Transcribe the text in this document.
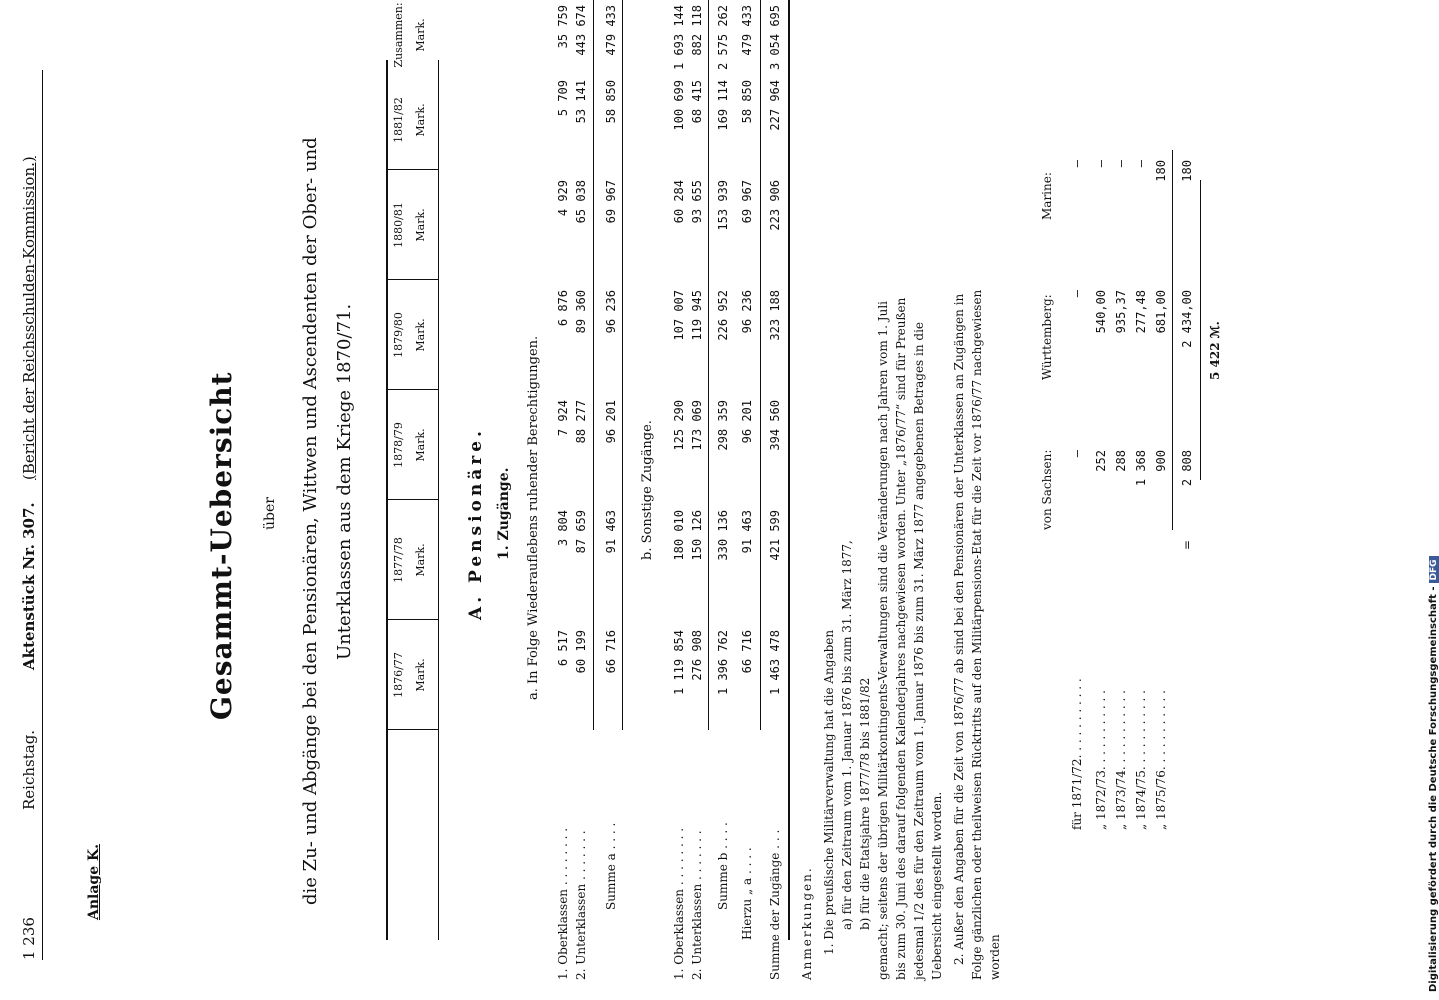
1 236
Reichstag.
Aktenstück Nr. 307.
(Bericht der Reichsschulden-Kommission.)
Anlage K.
Gesammt-Uebersicht über die Zu- und Abgänge bei den Pensionären, Wittwen und Ascendenten der Ober- und Unterklassen aus dem Kriege 1870/71.
1876/77 Mark.
1877/78 Mark.
1878/79 Mark.
1879/80 Mark.
1880/81 Mark.
1881/82 Mark.
Zusammen: Mark.
A. Pensionäre. 1. Zugänge. a. In Folge Wiederauflebens ruhender Berechtigungen.
1. Oberklassen . . . . . . . .
6 517
3 804
7 924
6 876
4 929
5 709
35 759
2. Unterklassen . . . . . . .
60 199
87 659
88 277
89 360
65 038
53 141
443 674
Summe a . . . .
66 716
91 463
96 201
96 236
69 967
58 850
479 433
b. Sonstige Zugänge.
1. Oberklassen . . . . . . . .
1 119 854
180 010
125 290
107 007
60 284
100 699
1 693 144
2. Unterklassen . . . . . . .
276 908
150 126
173 069
119 945
93 655
68 415
882 118
Summe b . . . .
1 396 762
330 136
298 359
226 952
153 939
169 114
2 575 262
Hierzu „ a . . . .
66 716
91 463
96 201
96 236
69 967
58 850
479 433
Summe der Zugänge . . .
1 463 478
421 599
394 560
323 188
223 906
227 964
3 054 695
Anmerkungen. 1. Die preußische Militärverwaltung hat die Angaben a) für den Zeitraum vom 1. Januar 1876 bis zum 31. März 1877, b) für die Etatsjahre 1877/78 bis 1881/82 gemacht; seitens der übrigen Militärkontingents-Verwaltungen sind die Veränderungen nach Jahren vom 1. Juli bis zum 30. Juni des darauf folgenden Kalenderjahres nachgewiesen worden. Unter „1876/77“ sind für Preußen jedesmal 1/2 des für den Zeitraum vom 1. Januar 1876 bis zum 31. März 1877 angegebenen Betrages in die Uebersicht eingestellt worden. 2. Außer den Angaben für die Zeit von 1876/77 ab sind bei den Pensionären der Unterklassen an Zugängen in Folge gänzlichen oder theilweisen Rücktritts auf den Militärpensions-Etat für die Zeit vor 1876/77 nachgewiesen worden
von Sachsen:
Württemberg:
Marine:
für 1871/72. . . . . . . . . . .
—
—
—
„ 1872/73. . . . . . . . . . .
252
540,00
—
„ 1873/74. . . . . . . . . . .
288
935,37
—
„ 1874/75. . . . . . . . . . .
1 368
277,48
—
„ 1875/76. . . . . . . . . . .
900
681,00
180
=
2 808
2 434,00
180
5 422 ℳ.
Digitalisierung gefördert durch die Deutsche Forschungsgemeinschaft -DFG
